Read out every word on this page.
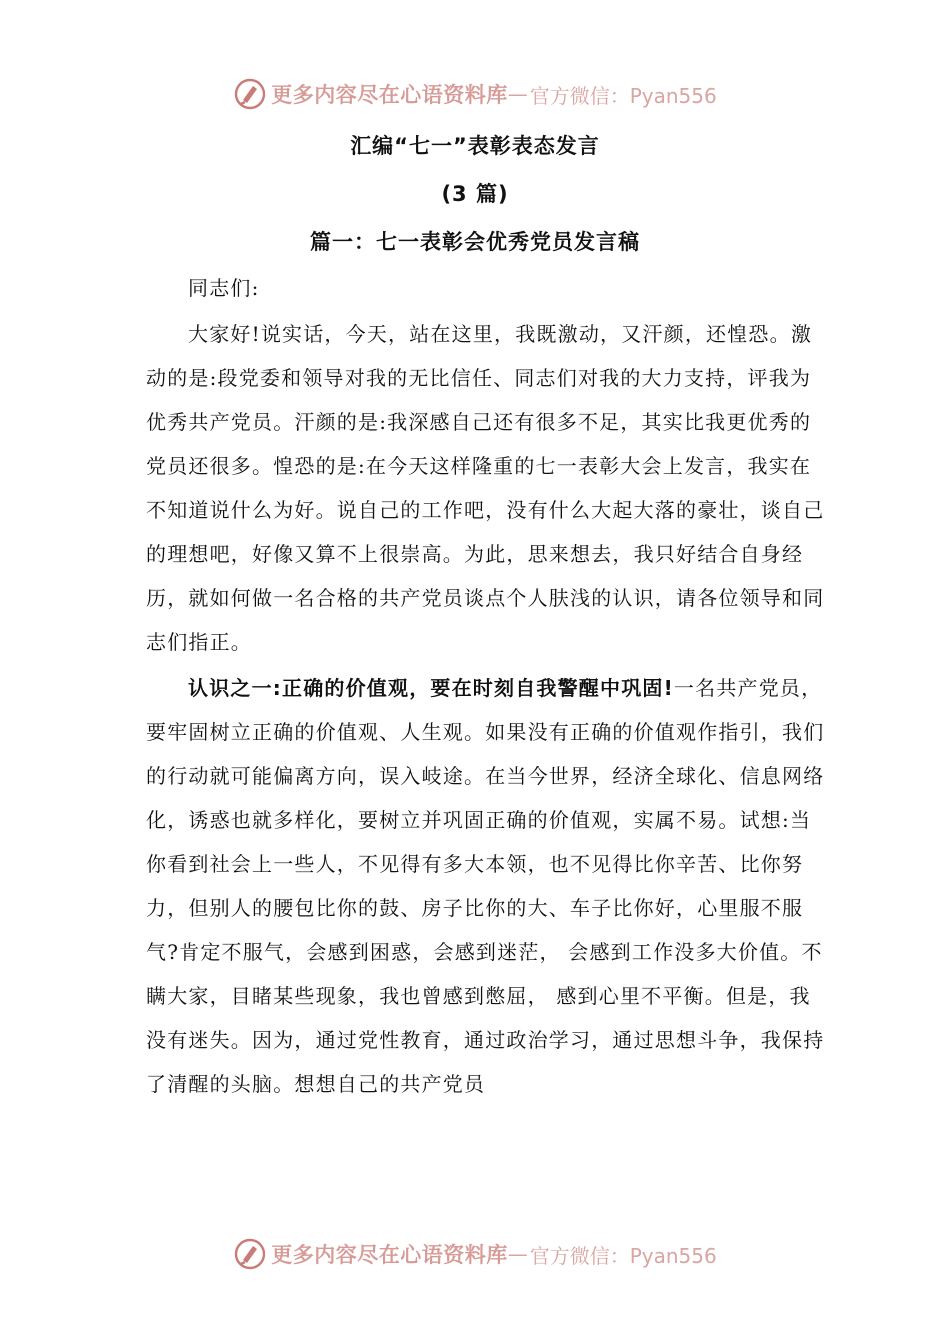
更多内容尽在心语资料库 — 官方微信：Pyan556
汇编“七一”表彰表态发言
(3 篇)
篇一：七一表彰会优秀党员发言稿

同志们:

大家好!说实话，今天，站在这里，我既激动，又汗颜，还惶恐。激动的是:段党委和领导对我的无比信任、同志们对我的大力支持，评我为优秀共产党员。汗颜的是:我深感自己还有很多不足，其实比我更优秀的党员还很多。惶恐的是:在今天这样隆重的七一表彰大会上发言，我实在不知道说什么为好。说自己的工作吧，没有什么大起大落的豪壮，谈自己的理想吧，好像又算不上很崇高。为此，思来想去，我只好结合自身经历，就如何做一名合格的共产党员谈点个人肤浅的认识，请各位领导和同志们指正。

认识之一:正确的价值观，要在时刻自我警醒中巩固!一名共产党员，要牢固树立正确的价值观、人生观。如果没有正确的价值观作指引，我们的行动就可能偏离方向，误入岐途。在当今世界，经济全球化、信息网络化，诱惑也就多样化，要树立并巩固正确的价值观，实属不易。试想:当你看到社会上一些人，不见得有多大本领，也不见得比你辛苦、比你努力，但别人的腰包比你的鼓、房子比你的大、车子比你好，心里服不服气?肯定不服气，会感到困惑，会感到迷茫， 会感到工作没多大价值。不瞒大家，目睹某些现象，我也曾感到憋屈， 感到心里不平衡。但是，我没有迷失。因为，通过党性教育，通过政治学习，通过思想斗争，我保持了清醒的头脑。想想自己的共产党员

更多内容尽在心语资料库 — 官方微信：Pyan556
